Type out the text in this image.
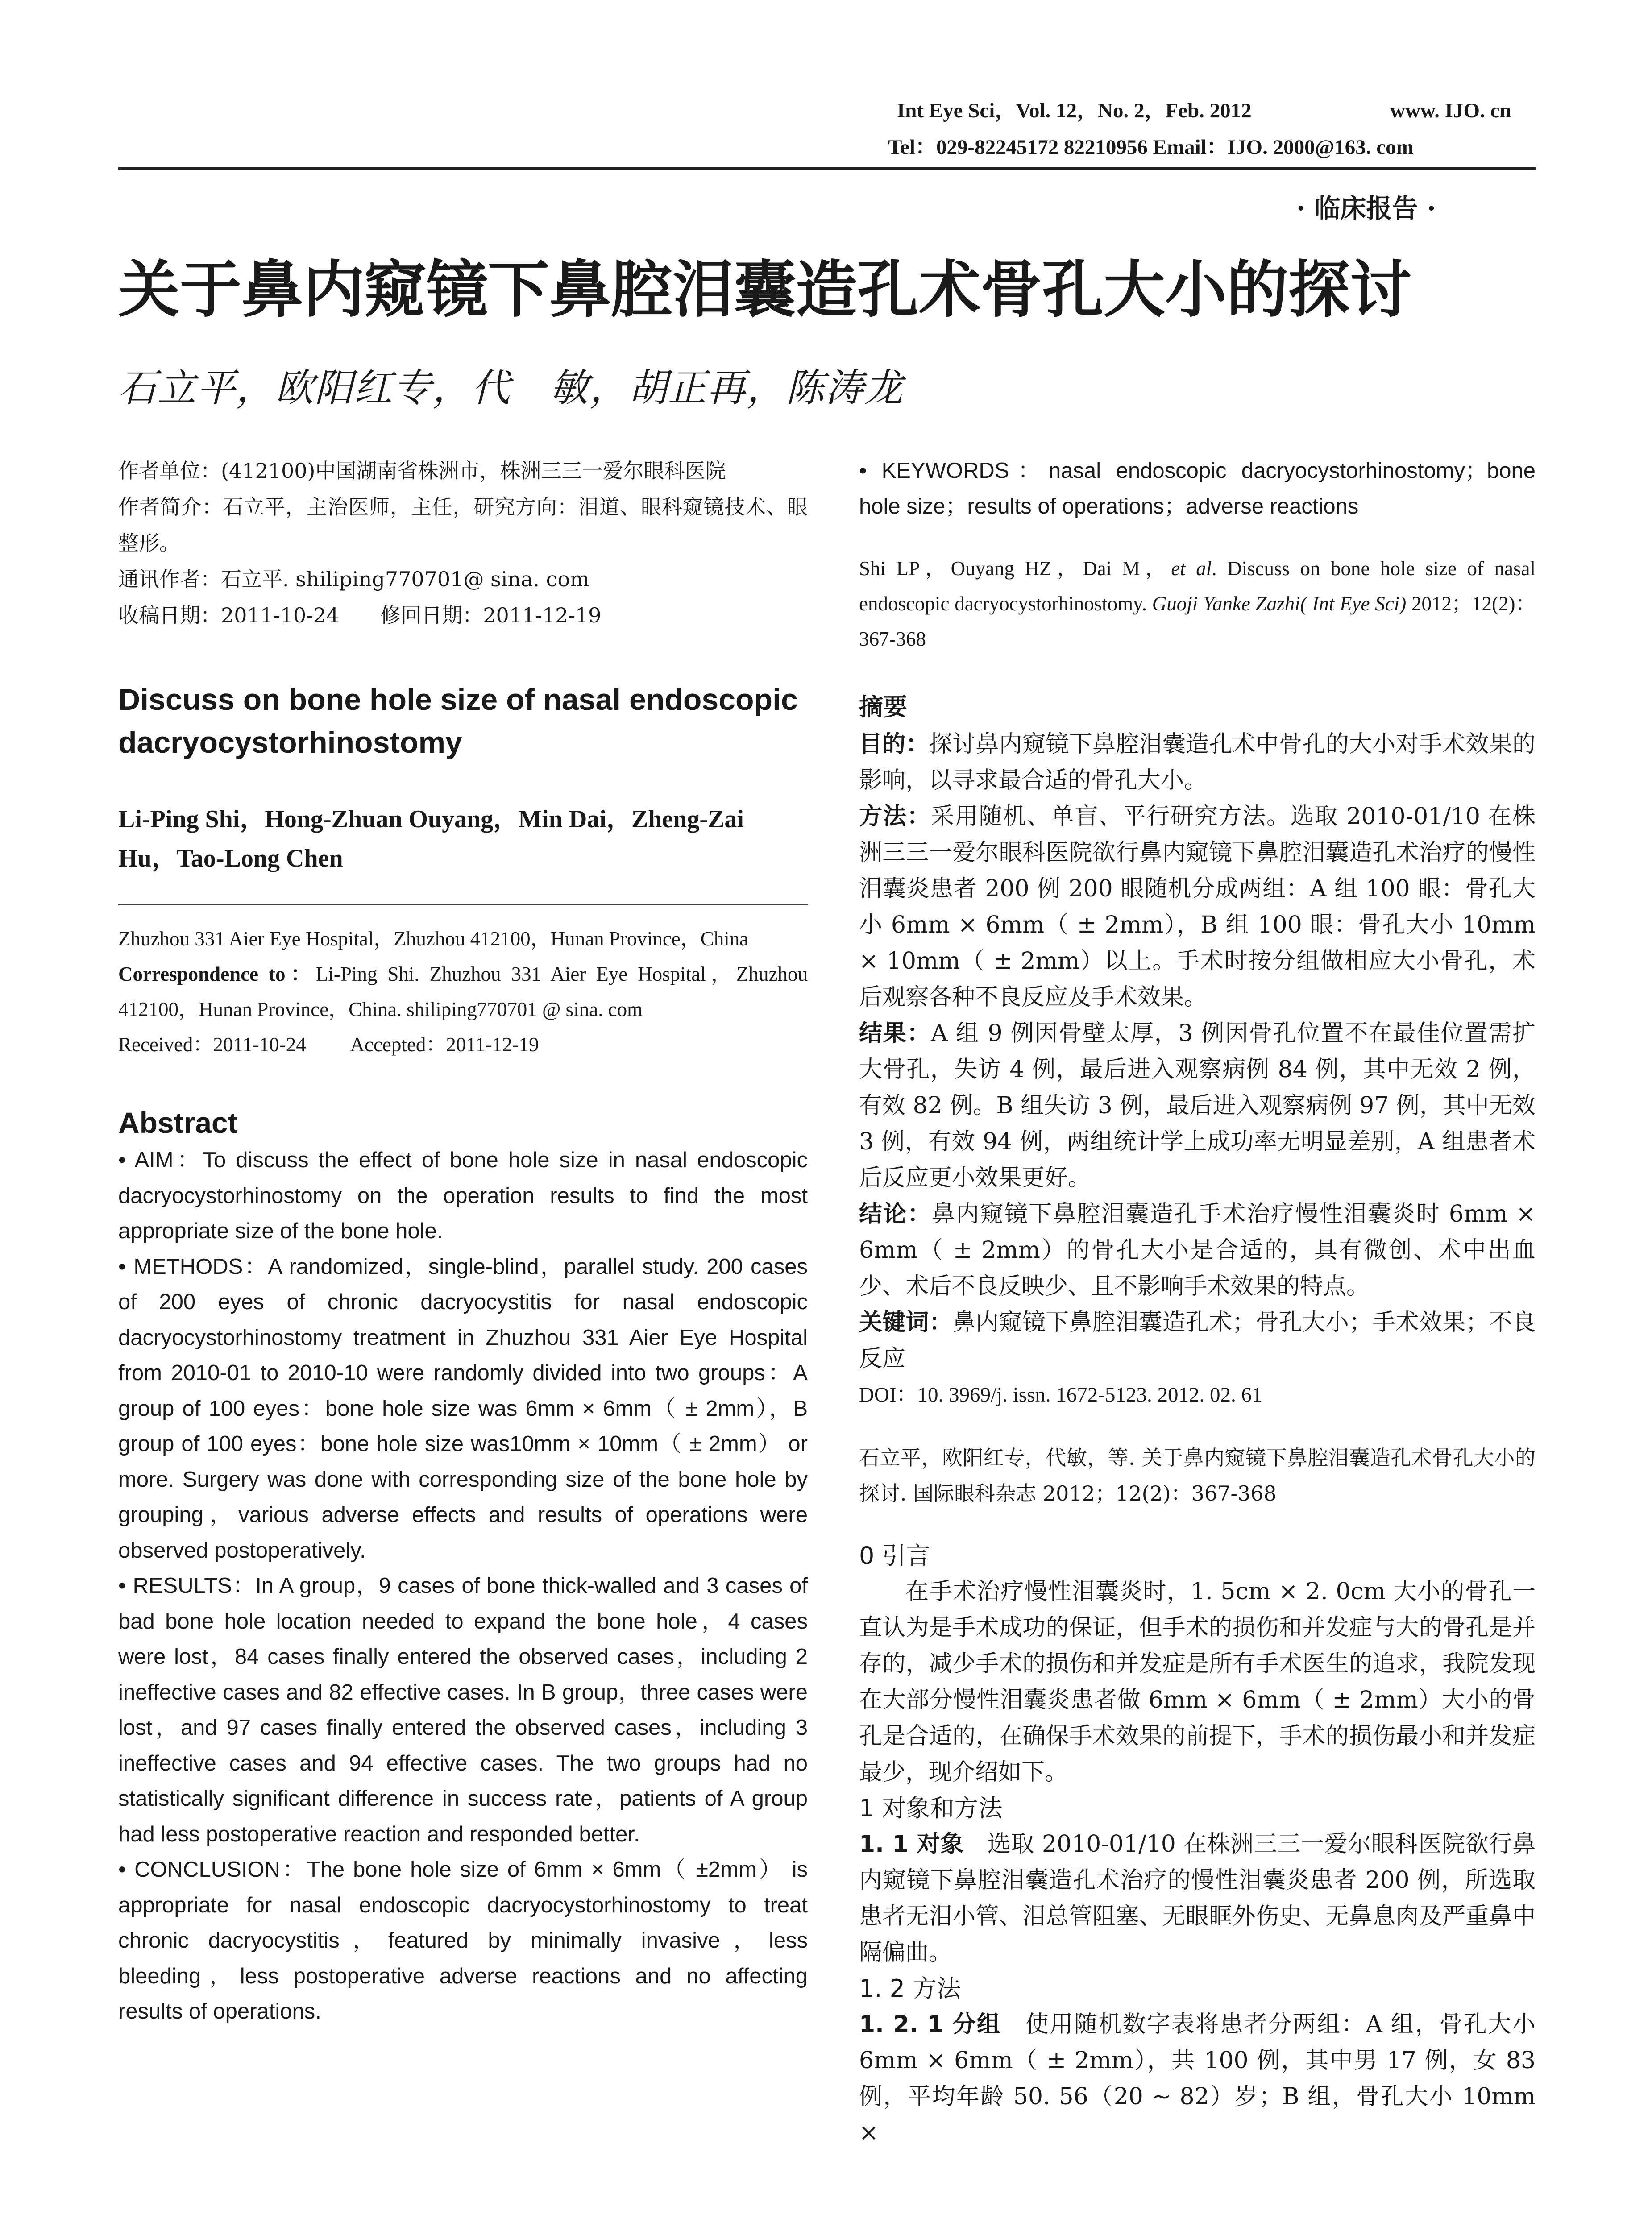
Int Eye Sci，Vol. 12，No. 2，Feb. 2012	www. IJO. cn
Tel：029-82245172 82210956 Email：IJO. 2000@163. com
· 临床报告 ·
关于鼻内窥镜下鼻腔泪囊造孔术骨孔大小的探讨
石立平，欧阳红专，代　敏，胡正再，陈涛龙

作者单位：(412100)中国湖南省株洲市，株洲三三一爱尔眼科医院

作者简介：石立平，主治医师，主任，研究方向：泪道、眼科窥镜技术、眼整形。

通讯作者：石立平. shiliping770701@ sina. com

收稿日期：2011-10-24　　修回日期：2011-12-19

Discuss on bone hole size of nasal endoscopic dacryocystorhinostomy

Li-Ping Shi，Hong-Zhuan Ouyang，Min Dai，Zheng-Zai Hu，Tao-Long Chen

Zhuzhou 331 Aier Eye Hospital，Zhuzhou 412100，Hunan Province，China

Correspondence to：Li-Ping Shi. Zhuzhou 331 Aier Eye Hospital，Zhuzhou 412100，Hunan Province，China. shiliping770701 @ sina. com

Received：2011-10-24　　 Accepted：2011-12-19

Abstract

• AIM：To discuss the effect of bone hole size in nasal endoscopic dacryocystorhinostomy on the operation results to find the most appropriate size of the bone hole.

• METHODS：A randomized，single-blind，parallel study. 200 cases of 200 eyes of chronic dacryocystitis for nasal endoscopic dacryocystorhinostomy treatment in Zhuzhou 331 Aier Eye Hospital from 2010-01 to 2010-10 were randomly divided into two groups：A group of 100 eyes：bone hole size was 6mm × 6mm（ ± 2mm），B group of 100 eyes：bone hole size was10mm × 10mm（ ± 2mm） or more. Surgery was done with corresponding size of the bone hole by grouping，various adverse effects and results of operations were observed postoperatively.

• RESULTS：In A group，9 cases of bone thick-walled and 3 cases of bad bone hole location needed to expand the bone hole，4 cases were lost，84 cases finally entered the observed cases，including 2 ineffective cases and 82 effective cases. In B group，three cases were lost，and 97 cases finally entered the observed cases，including 3 ineffective cases and 94 effective cases. The two groups had no statistically significant difference in success rate，patients of A group had less postoperative reaction and responded better.

• CONCLUSION：The bone hole size of 6mm × 6mm（ ±2mm） is appropriate for nasal endoscopic dacryocystorhinostomy to treat chronic dacryocystitis，featured by minimally invasive，less bleeding，less postoperative adverse reactions and no affecting results of operations.

• KEYWORDS：nasal endoscopic dacryocystorhinostomy；bone hole size；results of operations；adverse reactions

Shi LP，Ouyang HZ，Dai M，et al. Discuss on bone hole size of nasal endoscopic dacryocystorhinostomy. Guoji Yanke Zazhi( Int Eye Sci) 2012；12(2)：367-368

摘要

目的：探讨鼻内窥镜下鼻腔泪囊造孔术中骨孔的大小对手术效果的影响，以寻求最合适的骨孔大小。

方法：采用随机、单盲、平行研究方法。选取 2010-01/10 在株洲三三一爱尔眼科医院欲行鼻内窥镜下鼻腔泪囊造孔术治疗的慢性泪囊炎患者 200 例 200 眼随机分成两组：A 组 100 眼：骨孔大小 6mm × 6mm（ ± 2mm），B 组 100 眼：骨孔大小 10mm × 10mm（ ± 2mm）以上。手术时按分组做相应大小骨孔，术后观察各种不良反应及手术效果。

结果：A 组 9 例因骨壁太厚，3 例因骨孔位置不在最佳位置需扩大骨孔，失访 4 例，最后进入观察病例 84 例，其中无效 2 例，有效 82 例。B 组失访 3 例，最后进入观察病例 97 例，其中无效 3 例，有效 94 例，两组统计学上成功率无明显差别，A 组患者术后反应更小效果更好。

结论：鼻内窥镜下鼻腔泪囊造孔手术治疗慢性泪囊炎时 6mm × 6mm（ ± 2mm）的骨孔大小是合适的，具有微创、术中出血少、术后不良反映少、且不影响手术效果的特点。

关键词：鼻内窥镜下鼻腔泪囊造孔术；骨孔大小；手术效果；不良反应

DOI：10. 3969/j. issn. 1672-5123. 2012. 02. 61

石立平，欧阳红专，代敏，等. 关于鼻内窥镜下鼻腔泪囊造孔术骨孔大小的探讨. 国际眼科杂志 2012；12(2)：367-368

0 引言

在手术治疗慢性泪囊炎时，1. 5cm × 2. 0cm 大小的骨孔一直认为是手术成功的保证，但手术的损伤和并发症与大的骨孔是并存的，减少手术的损伤和并发症是所有手术医生的追求，我院发现在大部分慢性泪囊炎患者做 6mm × 6mm（ ± 2mm）大小的骨孔是合适的，在确保手术效果的前提下，手术的损伤最小和并发症最少，现介绍如下。

1 对象和方法

1. 1 对象　 选取 2010-01/10 在株洲三三一爱尔眼科医院欲行鼻内窥镜下鼻腔泪囊造孔术治疗的慢性泪囊炎患者 200 例，所选取患者无泪小管、泪总管阻塞、无眼眶外伤史、无鼻息肉及严重鼻中隔偏曲。

1. 2 方法

1. 2. 1 分组　 使用随机数字表将患者分两组：A 组，骨孔大小 6mm × 6mm（ ± 2mm），共 100 例，其中男 17 例，女 83 例，平均年龄 50. 56（20 ~ 82）岁；B 组，骨孔大小 10mm ×
